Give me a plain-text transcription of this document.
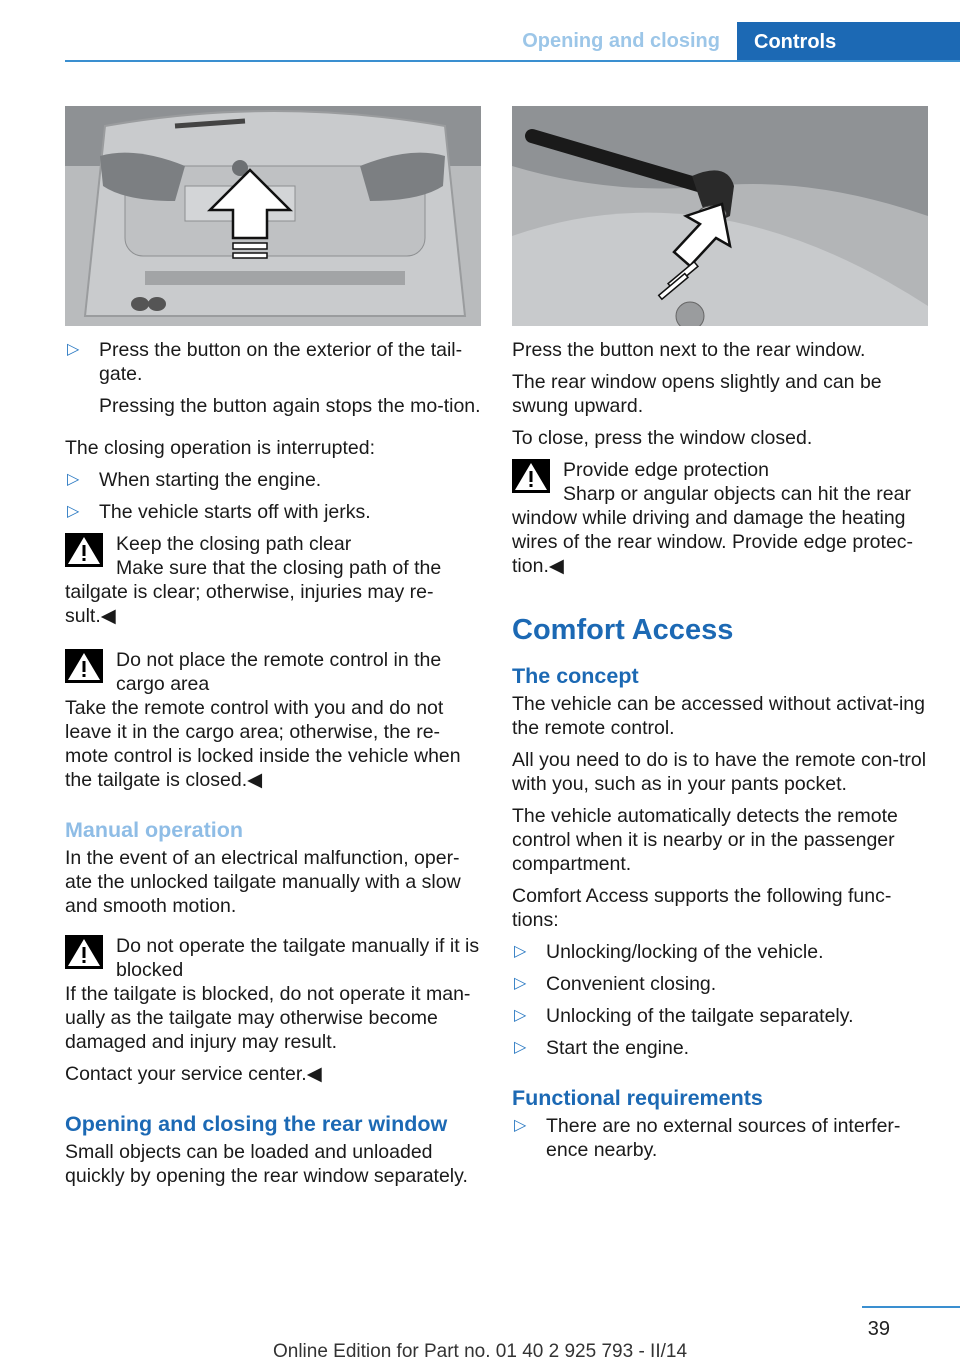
Opening and closing Controls
▷ Press the button on the exterior of the tail-gate.

Pressing the button again stops the mo-tion.

The closing operation is interrupted:

▷ When starting the engine.
▷ The vehicle starts off with jerks.
Keep the closing path clear
Make sure that the closing path of the tailgate is clear; otherwise, injuries may re-sult.◀
Do not place the remote control in the cargo area
Take the remote control with you and do not leave it in the cargo area; otherwise, the re-mote control is locked inside the vehicle when the tailgate is closed.◀
Manual operation

In the event of an electrical malfunction, oper-ate the unlocked tailgate manually with a slow and smooth motion.

Do not operate the tailgate manually if it is blocked
If the tailgate is blocked, do not operate it man-ually as the tailgate may otherwise become damaged and injury may result.

Contact your service center.◀

Opening and closing the rear window

Small objects can be loaded and unloaded quickly by opening the rear window separately.

Press the button next to the rear window.

The rear window opens slightly and can be swung upward.

To close, press the window closed.

Provide edge protection
Sharp or angular objects can hit the rear window while driving and damage the heating wires of the rear window. Provide edge protec-tion.◀
Comfort Access
The concept

The vehicle can be accessed without activat-ing the remote control.

All you need to do is to have the remote con-trol with you, such as in your pants pocket.

The vehicle automatically detects the remote control when it is nearby or in the passenger compartment.

Comfort Access supports the following func-tions:

▷ Unlocking/locking of the vehicle.
▷ Convenient closing.
▷ Unlocking of the tailgate separately.
▷ Start the engine.
Functional requirements
▷ There are no external sources of interfer-ence nearby.
39
Online Edition for Part no. 01 40 2 925 793 - II/14
